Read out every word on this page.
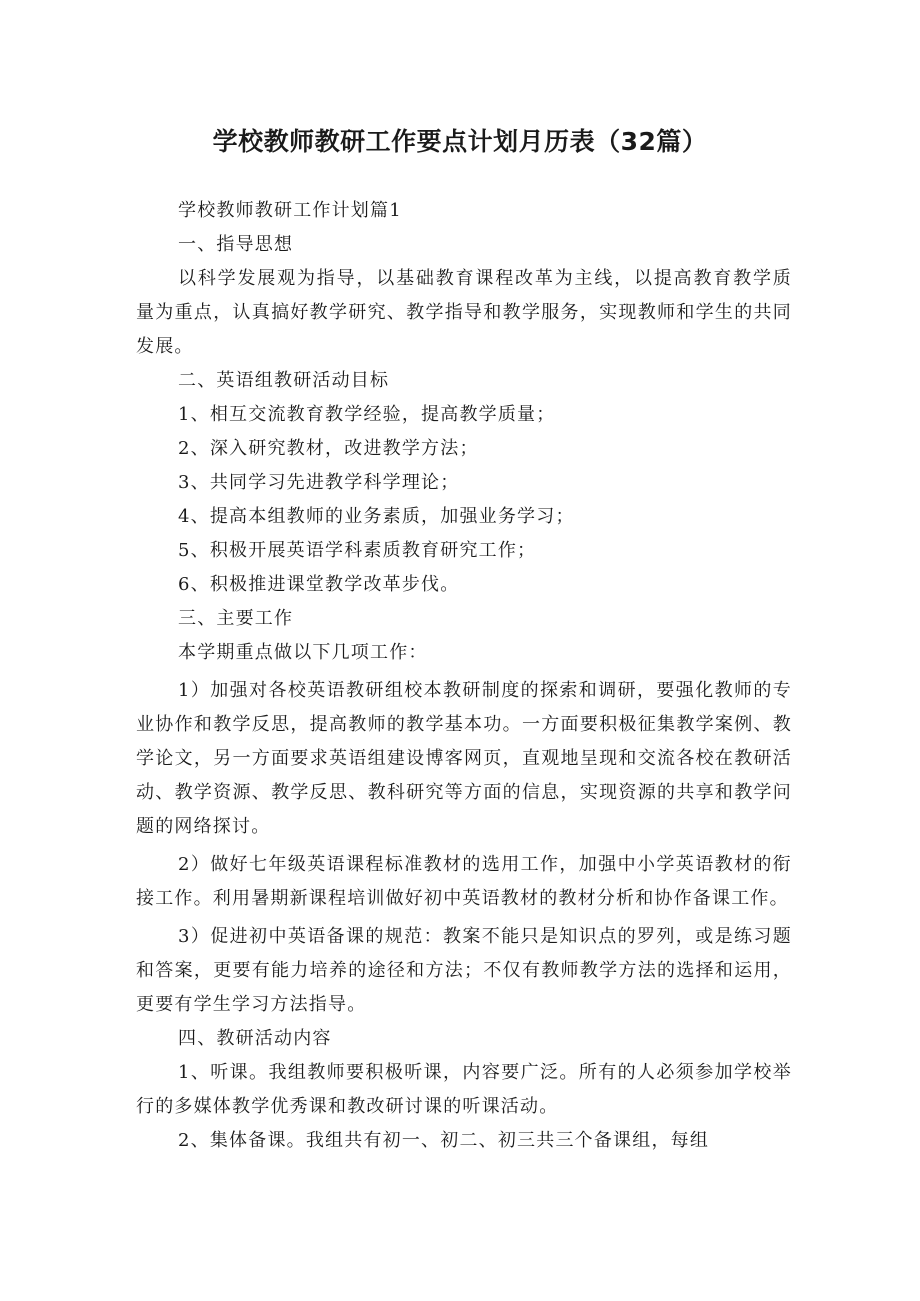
学校教师教研工作要点计划月历表（32篇）

学校教师教研工作计划篇1

一、指导思想

以科学发展观为指导，以基础教育课程改革为主线，以提高教育教学质量为重点，认真搞好教学研究、教学指导和教学服务，实现教师和学生的共同发展。

二、英语组教研活动目标

1、相互交流教育教学经验，提高教学质量；

2、深入研究教材，改进教学方法；

3、共同学习先进教学科学理论；

4、提高本组教师的业务素质，加强业务学习；

5、积极开展英语学科素质教育研究工作；

6、积极推进课堂教学改革步伐。

三、主要工作

本学期重点做以下几项工作：

1）加强对各校英语教研组校本教研制度的探索和调研，要强化教师的专业协作和教学反思，提高教师的教学基本功。一方面要积极征集教学案例、教学论文，另一方面要求英语组建设博客网页，直观地呈现和交流各校在教研活动、教学资源、教学反思、教科研究等方面的信息，实现资源的共享和教学问题的网络探讨。

2）做好七年级英语课程标准教材的选用工作，加强中小学英语教材的衔接工作。利用暑期新课程培训做好初中英语教材的教材分析和协作备课工作。

3）促进初中英语备课的规范：教案不能只是知识点的罗列，或是练习题和答案，更要有能力培养的途径和方法；不仅有教师教学方法的选择和运用，更要有学生学习方法指导。

四、教研活动内容

1、听课。我组教师要积极听课，内容要广泛。所有的人必须参加学校举行的多媒体教学优秀课和教改研讨课的听课活动。

2、集体备课。我组共有初一、初二、初三共三个备课组，每组
